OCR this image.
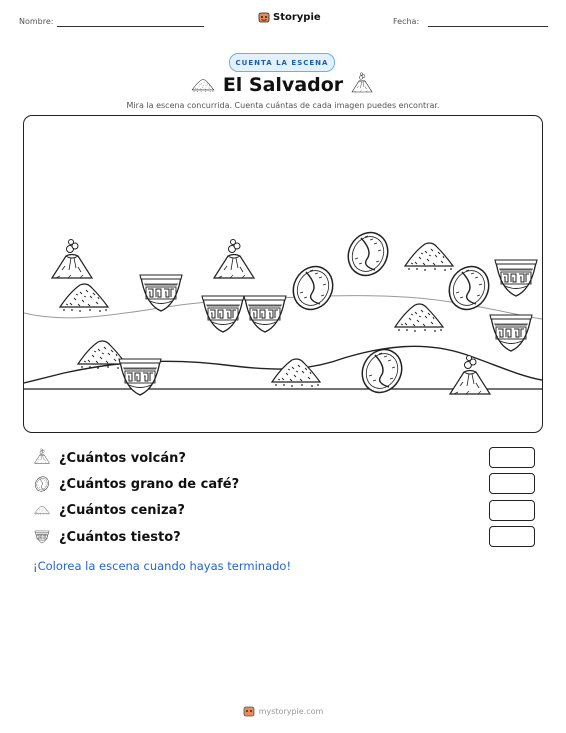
Nombre:	Storypie	Fecha:
CUENTA LA ESCENA
El Salvador
Mira la escena concurrida. Cuenta cuántas de cada imagen puedes encontrar.
¿Cuántos volcán?
¿Cuántos grano de café?
¿Cuántos ceniza?
¿Cuántos tiesto?
¡Colorea la escena cuando hayas terminado!
mystorypie.com
